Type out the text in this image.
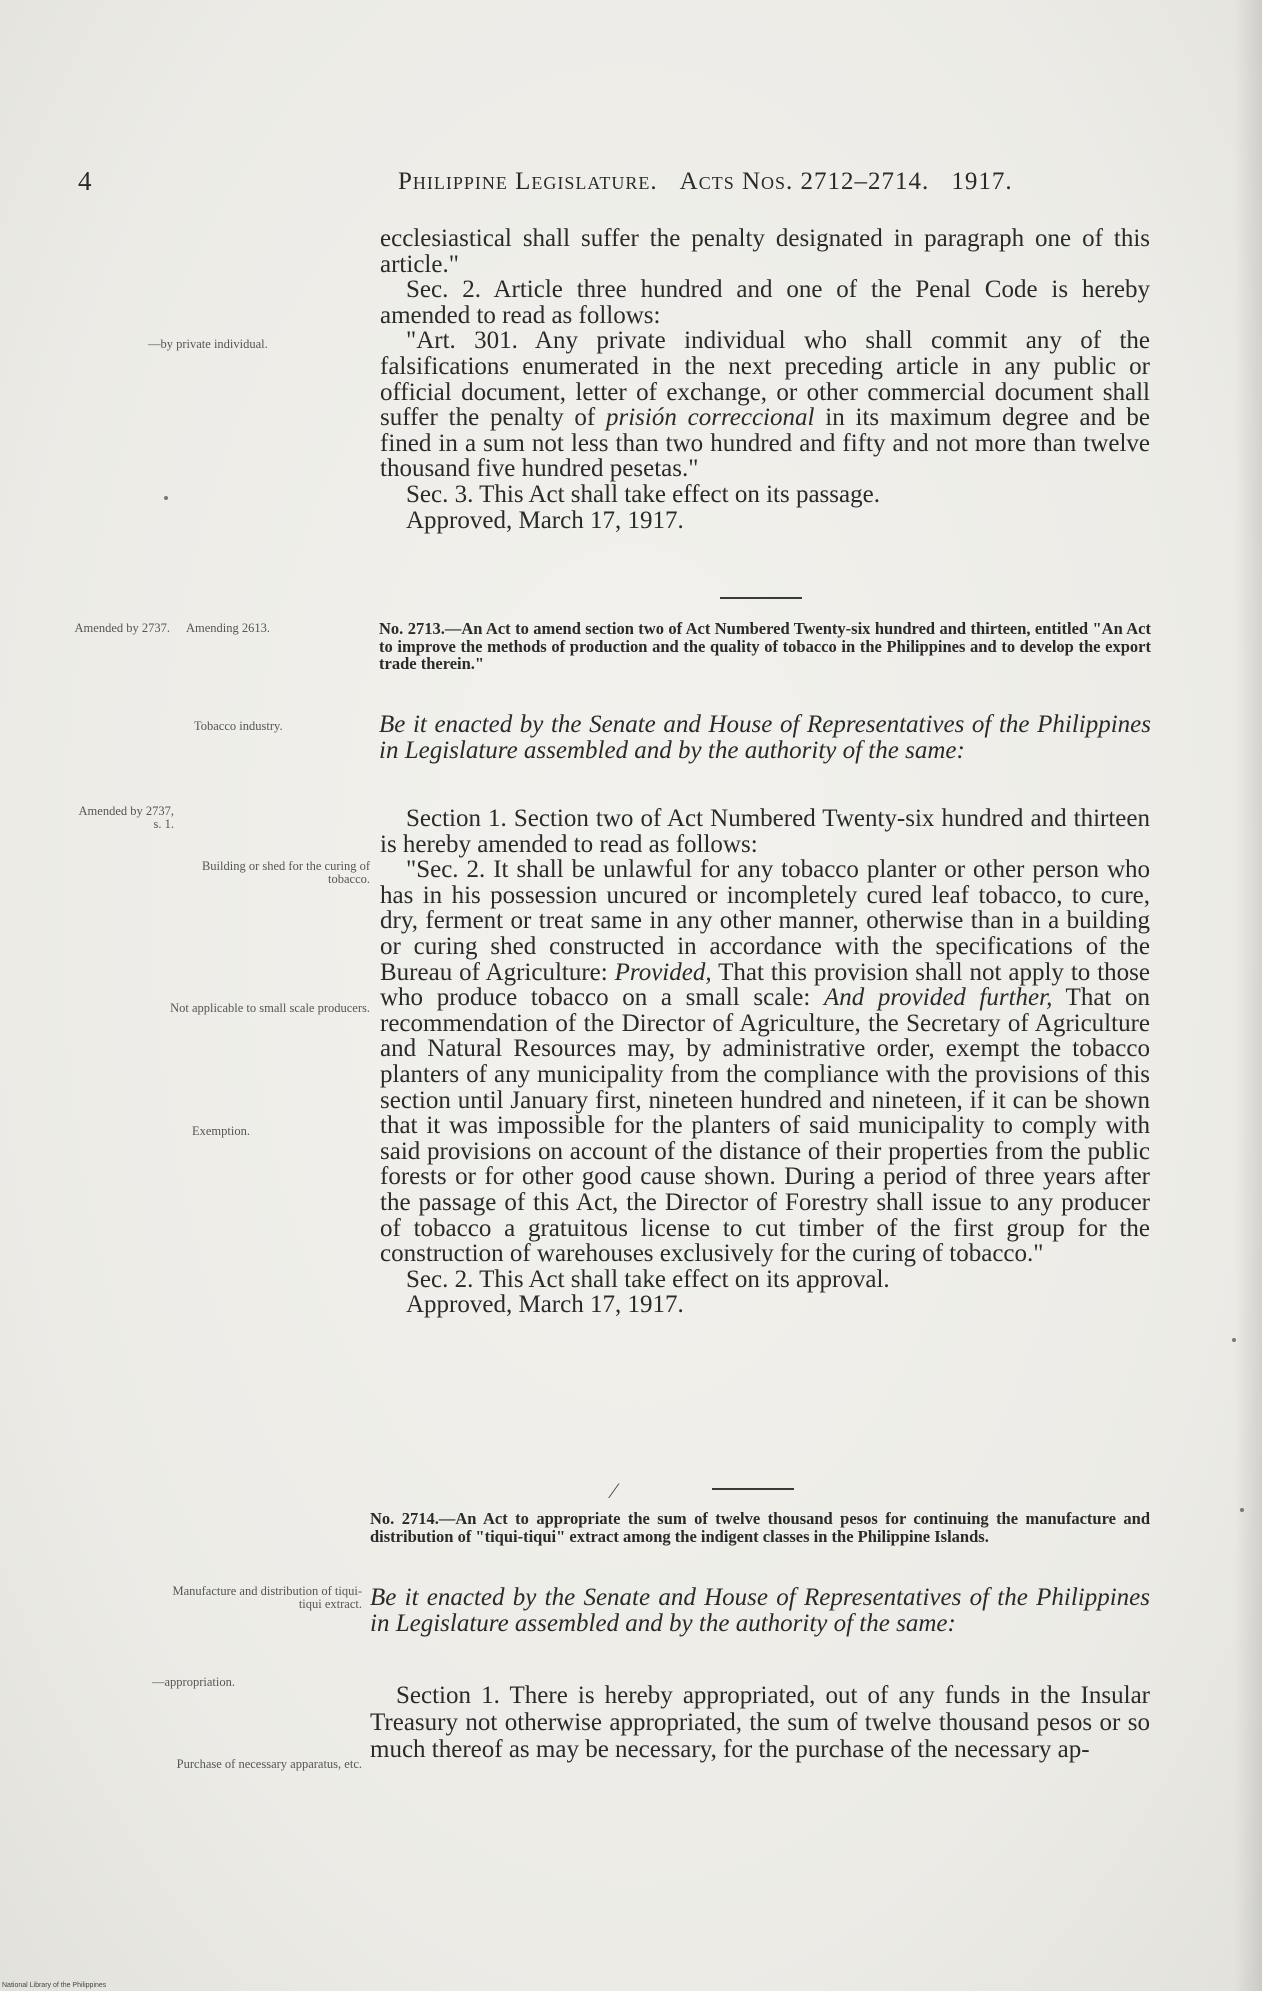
4	Philippine Legislature. Acts Nos. 2712–2714. 1917.
ecclesiastical shall suffer the penalty designated in paragraph one of this article."
Sec. 2. Article three hundred and one of the Penal Code is hereby amended to read as follows:
"Art. 301. Any private individual who shall commit any of the falsifications enumerated in the next preceding article in any public or official document, letter of exchange, or other commercial document shall suffer the penalty of prisión correccional in its maximum degree and be fined in a sum not less than two hundred and fifty and not more than twelve thousand five hundred pesetas."
Sec. 3. This Act shall take effect on its passage.
Approved, March 17, 1917.
No. 2713.—An Act to amend section two of Act Numbered Twenty-six hundred and thirteen, entitled "An Act to improve the methods of production and the quality of tobacco in the Philippines and to develop the export trade therein."
Be it enacted by the Senate and House of Representatives of the Philippines in Legislature assembled and by the authority of the same:
Section 1. Section two of Act Numbered Twenty-six hundred and thirteen is hereby amended to read as follows:
"Sec. 2. It shall be unlawful for any tobacco planter or other person who has in his possession uncured or incompletely cured leaf tobacco, to cure, dry, ferment or treat same in any other manner, otherwise than in a building or curing shed constructed in accordance with the specifications of the Bureau of Agriculture: Provided, That this provision shall not apply to those who produce tobacco on a small scale: And provided further, That on recommendation of the Director of Agriculture, the Secretary of Agriculture and Natural Resources may, by administrative order, exempt the tobacco planters of any municipality from the compliance with the provisions of this section until January first, nineteen hundred and nineteen, if it can be shown that it was impossible for the planters of said municipality to comply with said provisions on account of the distance of their properties from the public forests or for other good cause shown. During a period of three years after the passage of this Act, the Director of Forestry shall issue to any producer of tobacco a gratuitous license to cut timber of the first group for the construction of warehouses exclusively for the curing of tobacco."
Sec. 2. This Act shall take effect on its approval.
Approved, March 17, 1917.
⁄
No. 2714.—An Act to appropriate the sum of twelve thousand pesos for continuing the manufacture and distribution of "tiqui-tiqui" extract among the indigent classes in the Philippine Islands.
Be it enacted by the Senate and House of Representatives of the Philippines in Legislature assembled and by the authority of the same:
Section 1. There is hereby appropriated, out of any funds in the Insular Treasury not otherwise appropriated, the sum of twelve thousand pesos or so much thereof as may be necessary, for the purchase of the necessary ap-
—by private individual.
Amended by 2737. Amending 2613.
Tobacco industry.
Amended by 2737, s. 1.
Building or shed for the curing of tobacco.
Not applicable to small scale producers.
Exemption.
Manufacture and distribution of tiqui-tiqui extract.
—appropriation.
Purchase of necessary apparatus, etc.
National Library of the Philippines
